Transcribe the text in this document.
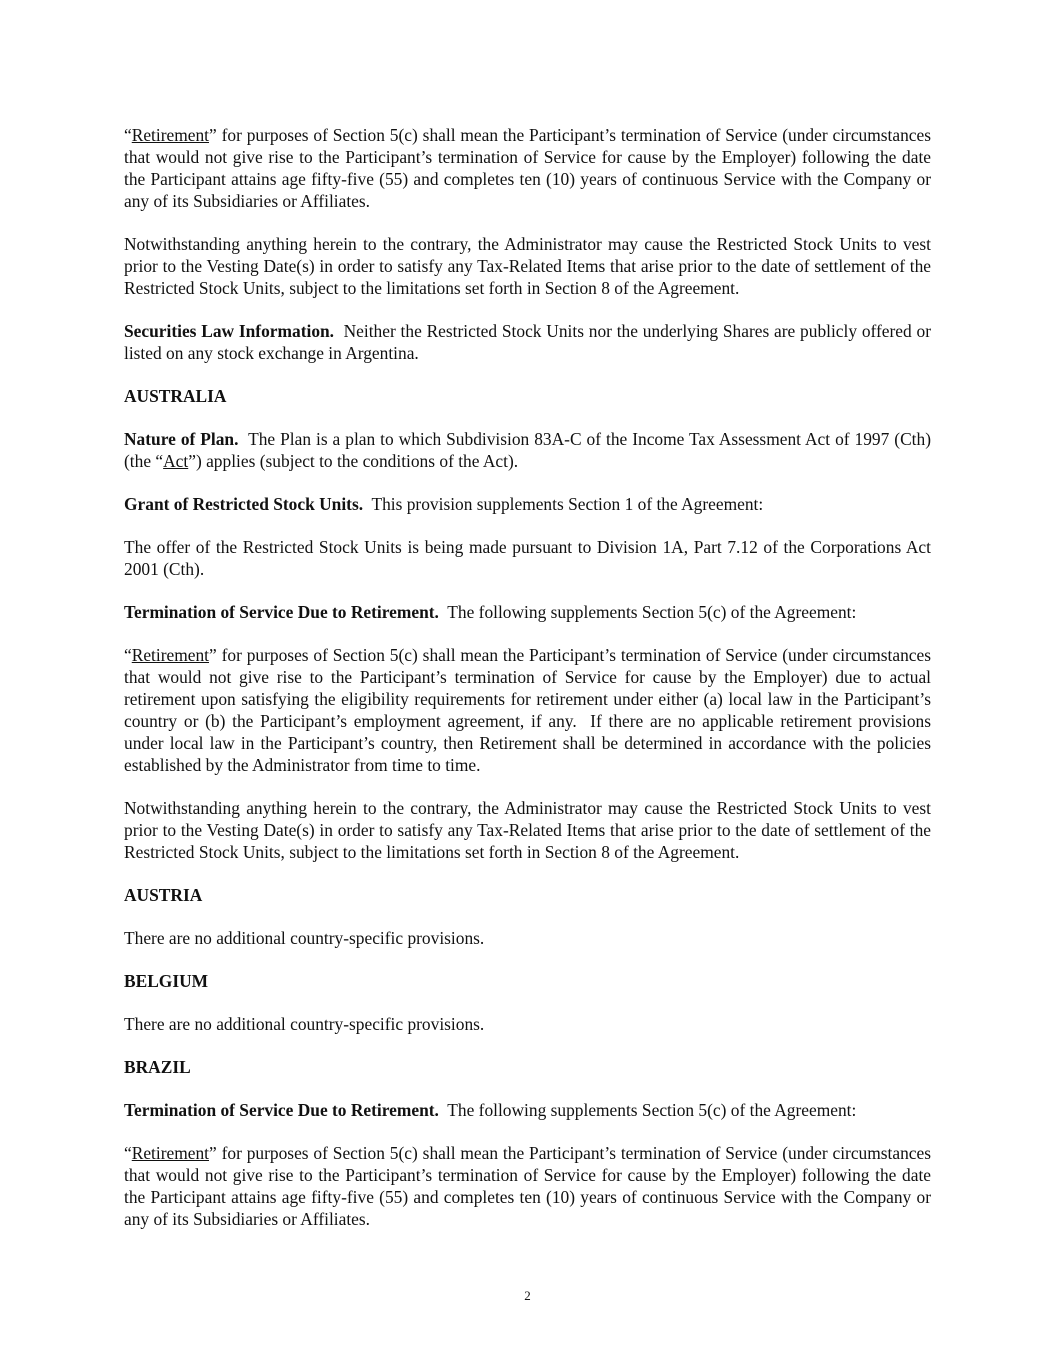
“Retirement” for purposes of Section 5(c) shall mean the Participant’s termination of Service (under circumstances that would not give rise to the Participant’s termination of Service for cause by the Employer) following the date the Participant attains age fifty-five (55) and completes ten (10) years of continuous Service with the Company or any of its Subsidiaries or Affiliates.

Notwithstanding anything herein to the contrary, the Administrator may cause the Restricted Stock Units to vest prior to the Vesting Date(s) in order to satisfy any Tax-Related Items that arise prior to the date of settlement of the Restricted Stock Units, subject to the limitations set forth in Section 8 of the Agreement.

Securities Law Information.  Neither the Restricted Stock Units nor the underlying Shares are publicly offered or listed on any stock exchange in Argentina.

AUSTRALIA

Nature of Plan.  The Plan is a plan to which Subdivision 83A-C of the Income Tax Assessment Act of 1997 (Cth) (the “Act”) applies (subject to the conditions of the Act).

Grant of Restricted Stock Units.  This provision supplements Section 1 of the Agreement:

The offer of the Restricted Stock Units is being made pursuant to Division 1A, Part 7.12 of the Corporations Act 2001 (Cth).

Termination of Service Due to Retirement.  The following supplements Section 5(c) of the Agreement:

“Retirement” for purposes of Section 5(c) shall mean the Participant’s termination of Service (under circumstances that would not give rise to the Participant’s termination of Service for cause by the Employer) due to actual retirement upon satisfying the eligibility requirements for retirement under either (a) local law in the Participant’s country or (b) the Participant’s employment agreement, if any.  If there are no applicable retirement provisions under local law in the Participant’s country, then Retirement shall be determined in accordance with the policies established by the Administrator from time to time.

Notwithstanding anything herein to the contrary, the Administrator may cause the Restricted Stock Units to vest prior to the Vesting Date(s) in order to satisfy any Tax-Related Items that arise prior to the date of settlement of the Restricted Stock Units, subject to the limitations set forth in Section 8 of the Agreement.

AUSTRIA

There are no additional country-specific provisions.

BELGIUM

There are no additional country-specific provisions.

BRAZIL

Termination of Service Due to Retirement.  The following supplements Section 5(c) of the Agreement:

“Retirement” for purposes of Section 5(c) shall mean the Participant’s termination of Service (under circumstances that would not give rise to the Participant’s termination of Service for cause by the Employer) following the date the Participant attains age fifty-five (55) and completes ten (10) years of continuous Service with the Company or any of its Subsidiaries or Affiliates.

2
